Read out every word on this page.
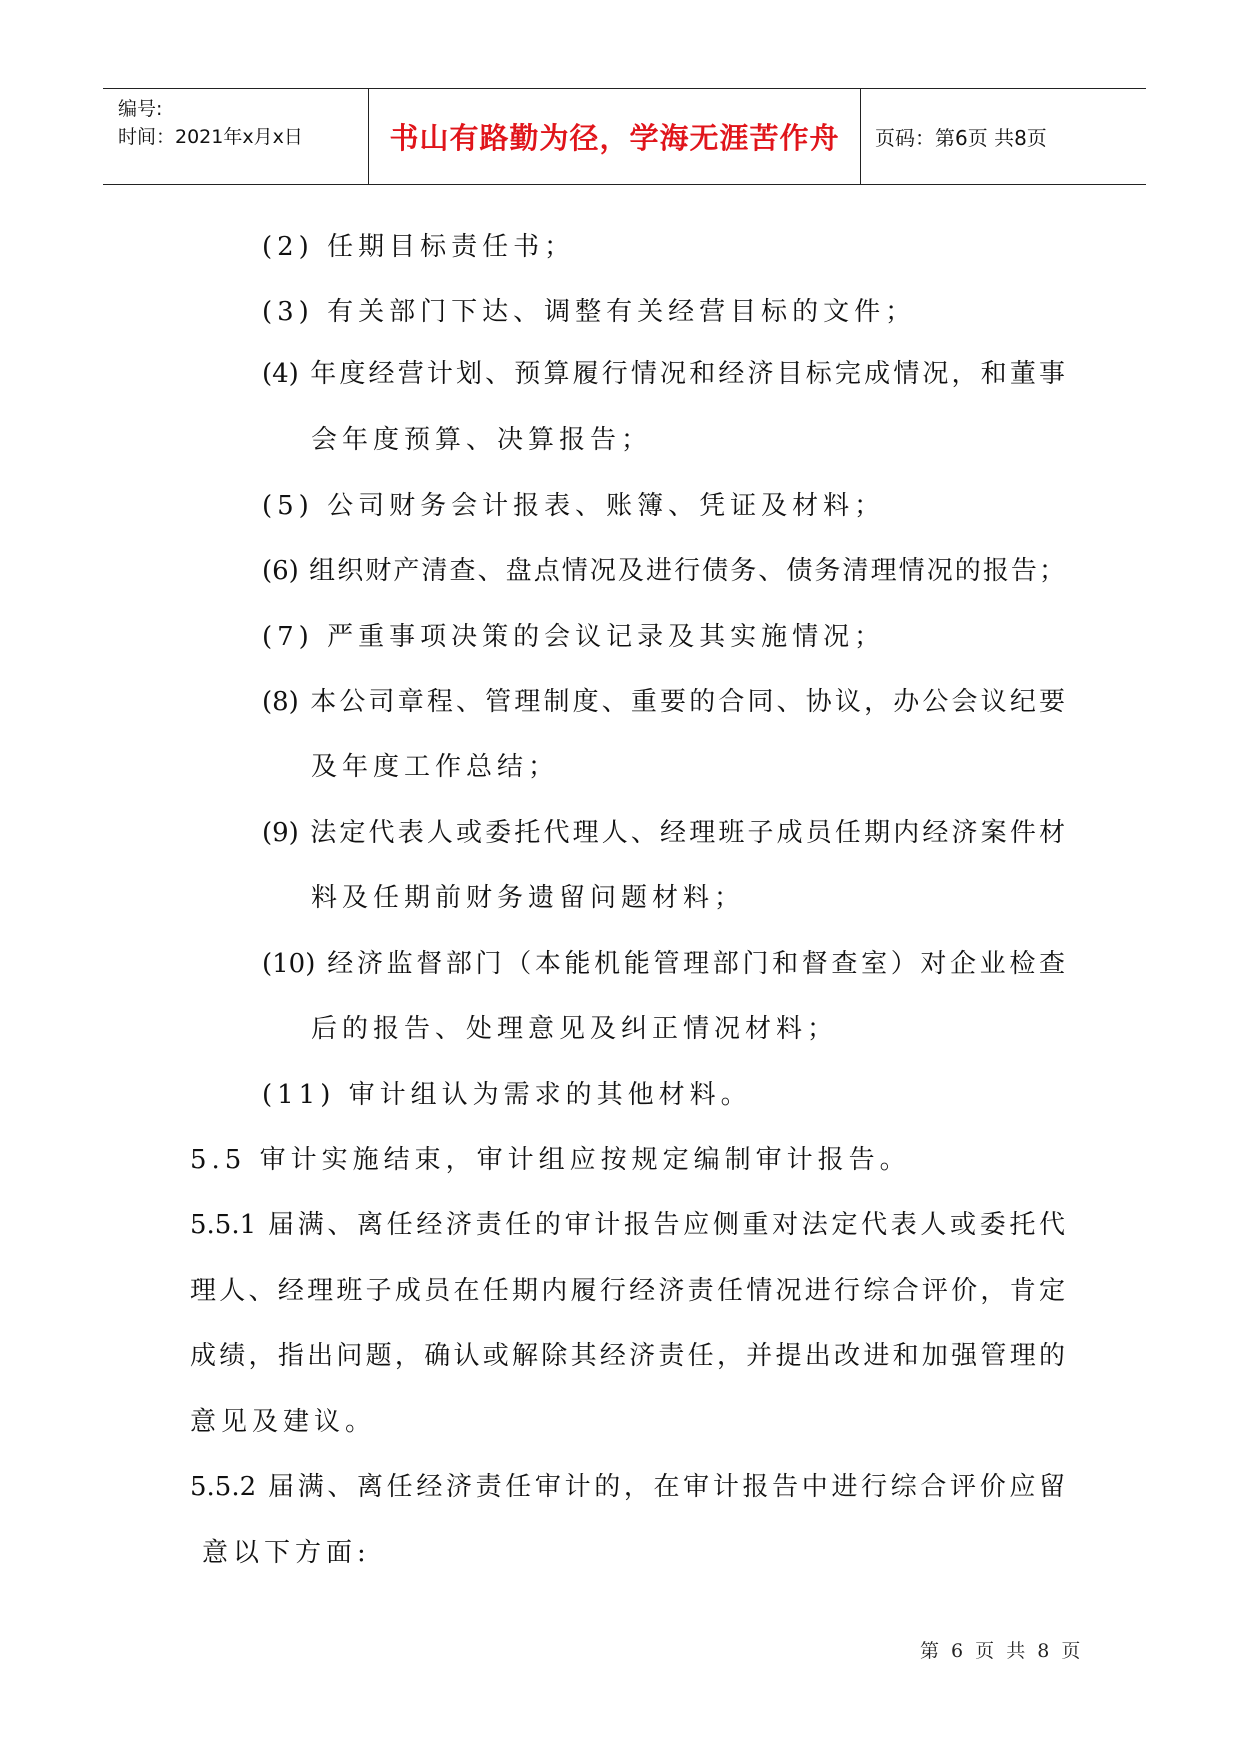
编号:
时间：2021年x月x日	书山有路勤为径，学海无涯苦作舟	页码：第6页 共8页
(2) 任期目标责任书；
(3) 有关部门下达、调整有关经营目标的文件；
(4) 年度经营计划、预算履行情况和经济目标完成情况，和董事
会年度预算、决算报告；
(5) 公司财务会计报表、账簿、凭证及材料；
(6) 组织财产清查、盘点情况及进行债务、债务清理情况的报告；
(7) 严重事项决策的会议记录及其实施情况；
(8) 本公司章程、管理制度、重要的合同、协议，办公会议纪要
及年度工作总结；
(9) 法定代表人或委托代理人、经理班子成员任期内经济案件材
料及任期前财务遗留问题材料；
(10) 经济监督部门（本能机能管理部门和督查室）对企业检查
后的报告、处理意见及纠正情况材料；
(11) 审计组认为需求的其他材料。
5.5 审计实施结束，审计组应按规定编制审计报告。
5.5.1 届满、离任经济责任的审计报告应侧重对法定代表人或委托代
理人、经理班子成员在任期内履行经济责任情况进行综合评价，肯定
成绩，指出问题，确认或解除其经济责任，并提出改进和加强管理的
意见及建议。
5.5.2 届满、离任经济责任审计的，在审计报告中进行综合评价应留
意以下方面:
第 6 页 共 8 页
